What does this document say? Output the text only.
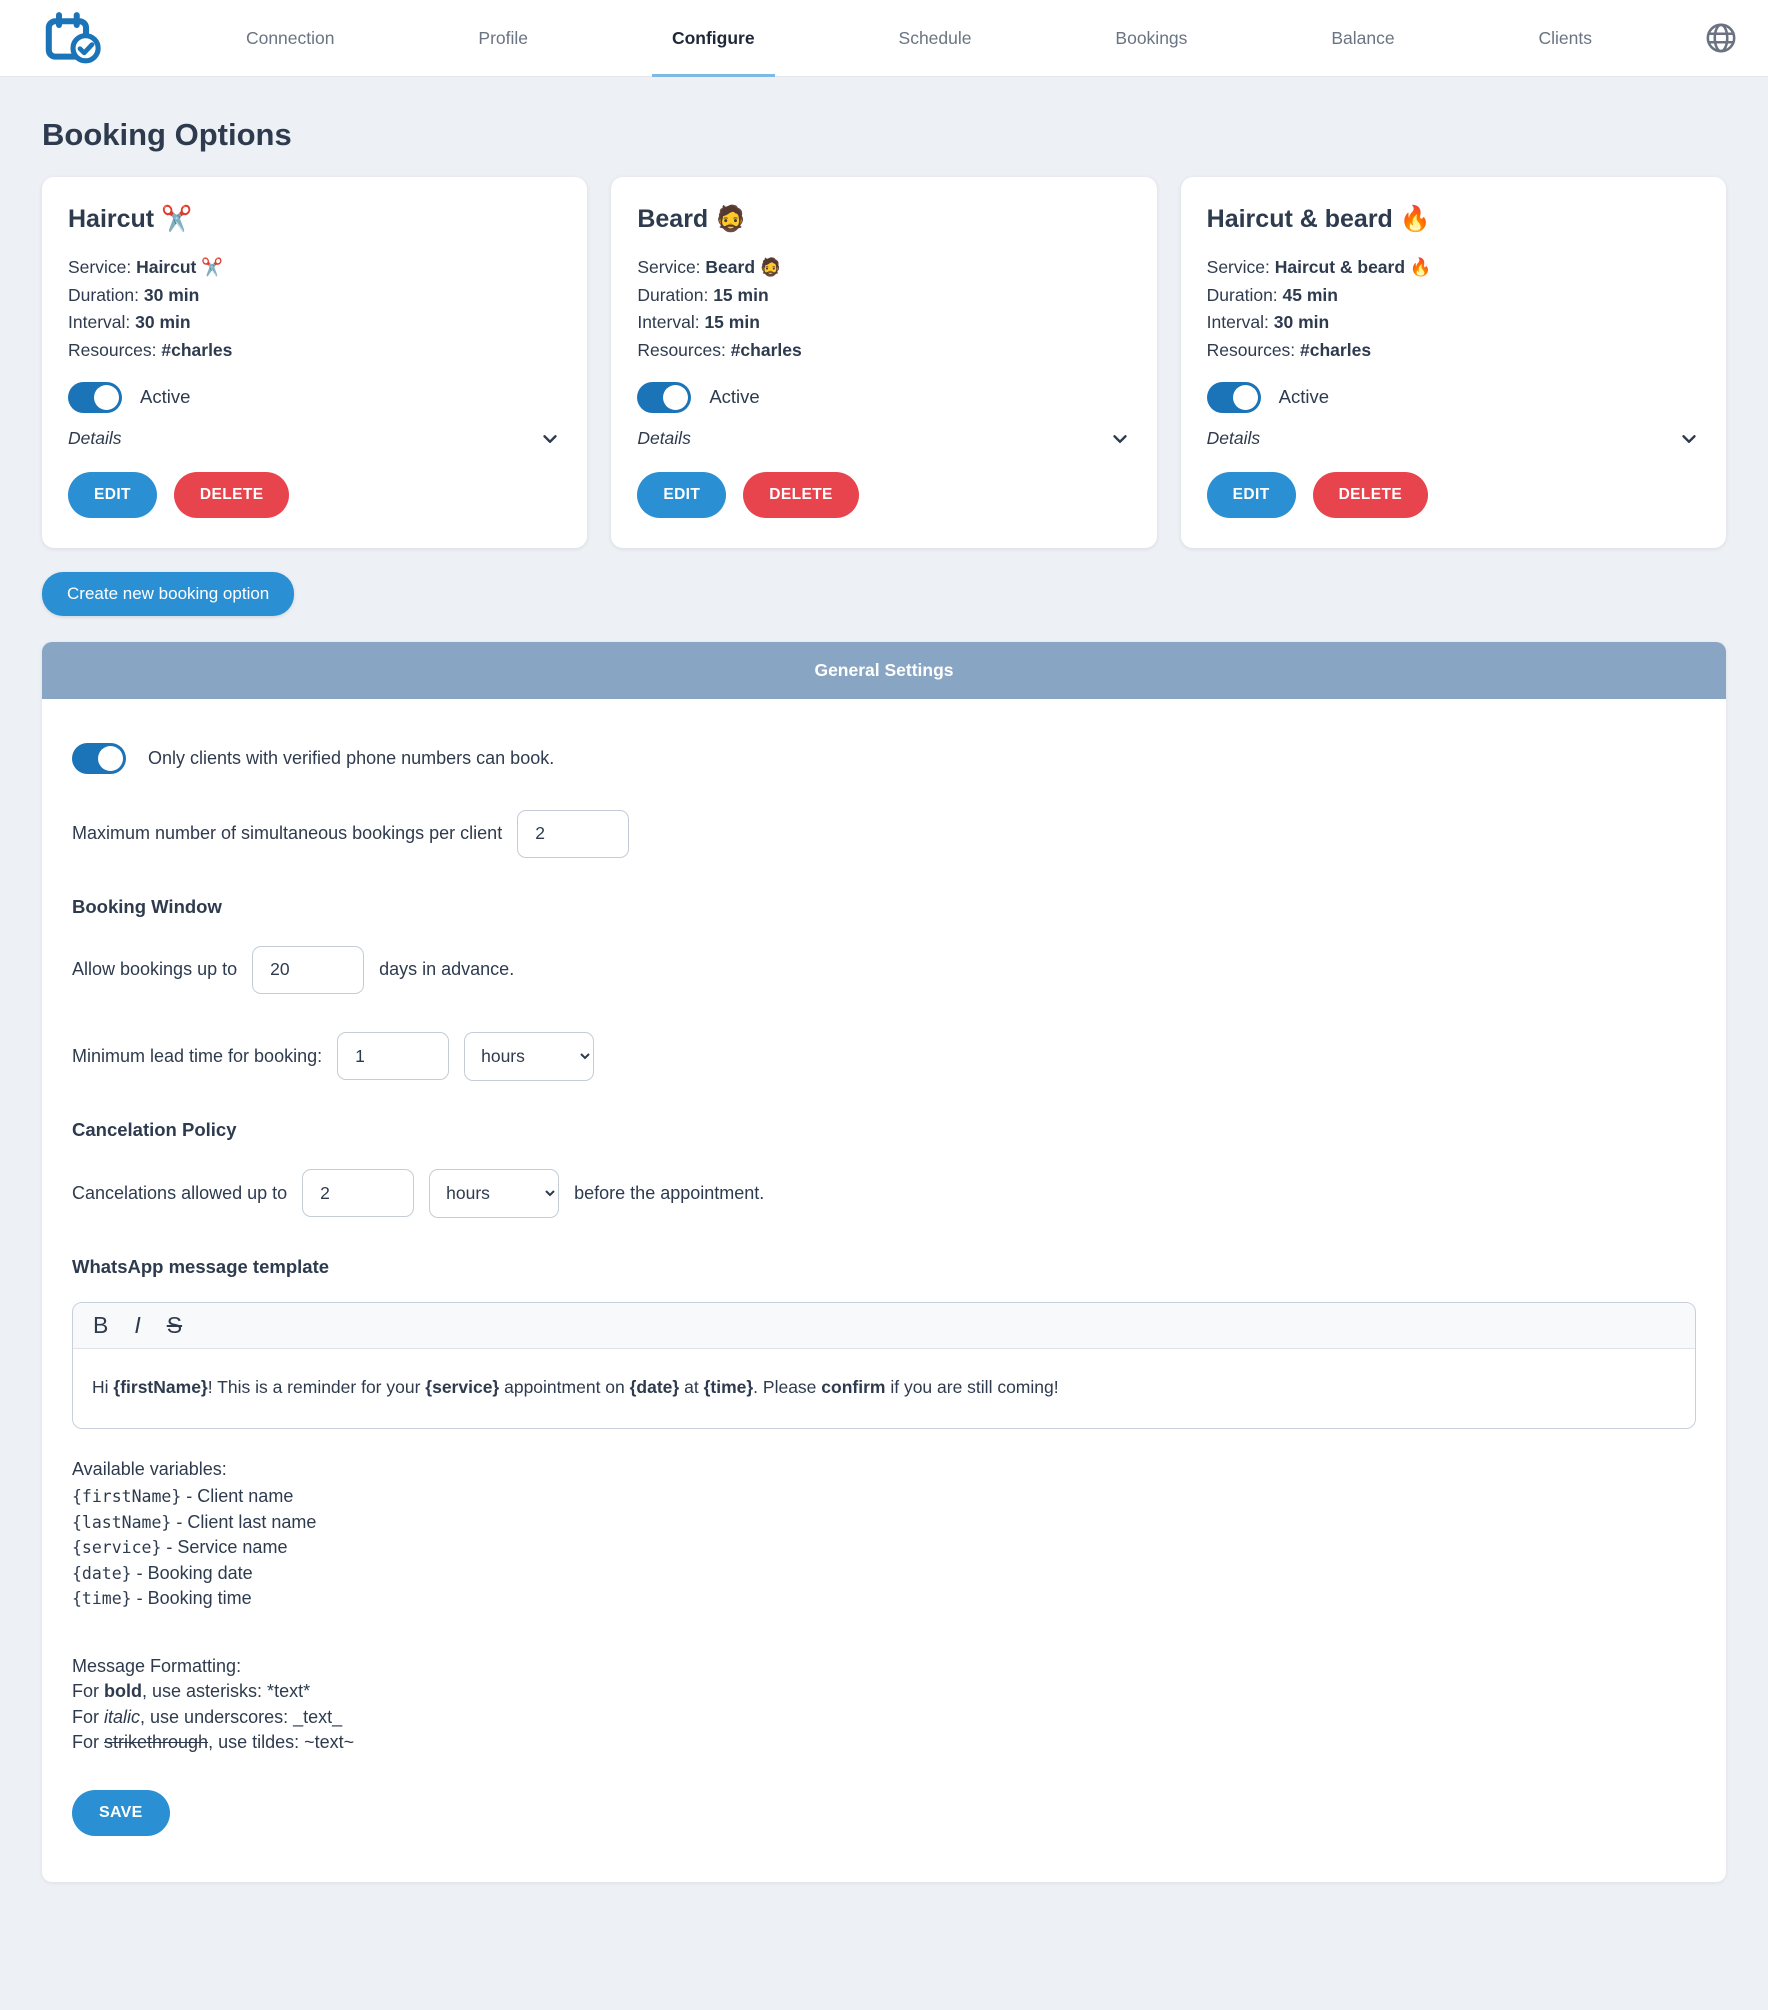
Connection	Profile	Configure	Schedule	Bookings	Balance	Clients
Booking Options
Haircut ✂️
Service: Haircut ✂️
Duration: 30 min
Interval: 30 min
Resources: #charles
Active
Details
EDIT	DELETE
Beard 🧔
Service: Beard 🧔
Duration: 15 min
Interval: 15 min
Resources: #charles
Active
Details
EDIT	DELETE
Haircut & beard 🔥
Service: Haircut & beard 🔥
Duration: 45 min
Interval: 30 min
Resources: #charles
Active
Details
EDIT	DELETE
Create new booking option
General Settings
Only clients with verified phone numbers can book.
Maximum number of simultaneous bookings per client
2
Booking Window
Allow bookings up to
20	days in advance.
Minimum lead time for booking:
1
hours
Cancelation Policy
Cancelations allowed up to
2
hours	before the appointment.
WhatsApp message template
B I S
Hi {firstName}! This is a reminder for your {service} appointment on {date} at {time}. Please confirm if you are still coming!
Available variables:
{firstName} - Client name
{lastName} - Client last name
{service} - Service name
{date} - Booking date
{time} - Booking time
Message Formatting:
For bold, use asterisks: *text*
For italic, use underscores: _text_
For strikethrough, use tildes: ~text~
SAVE
